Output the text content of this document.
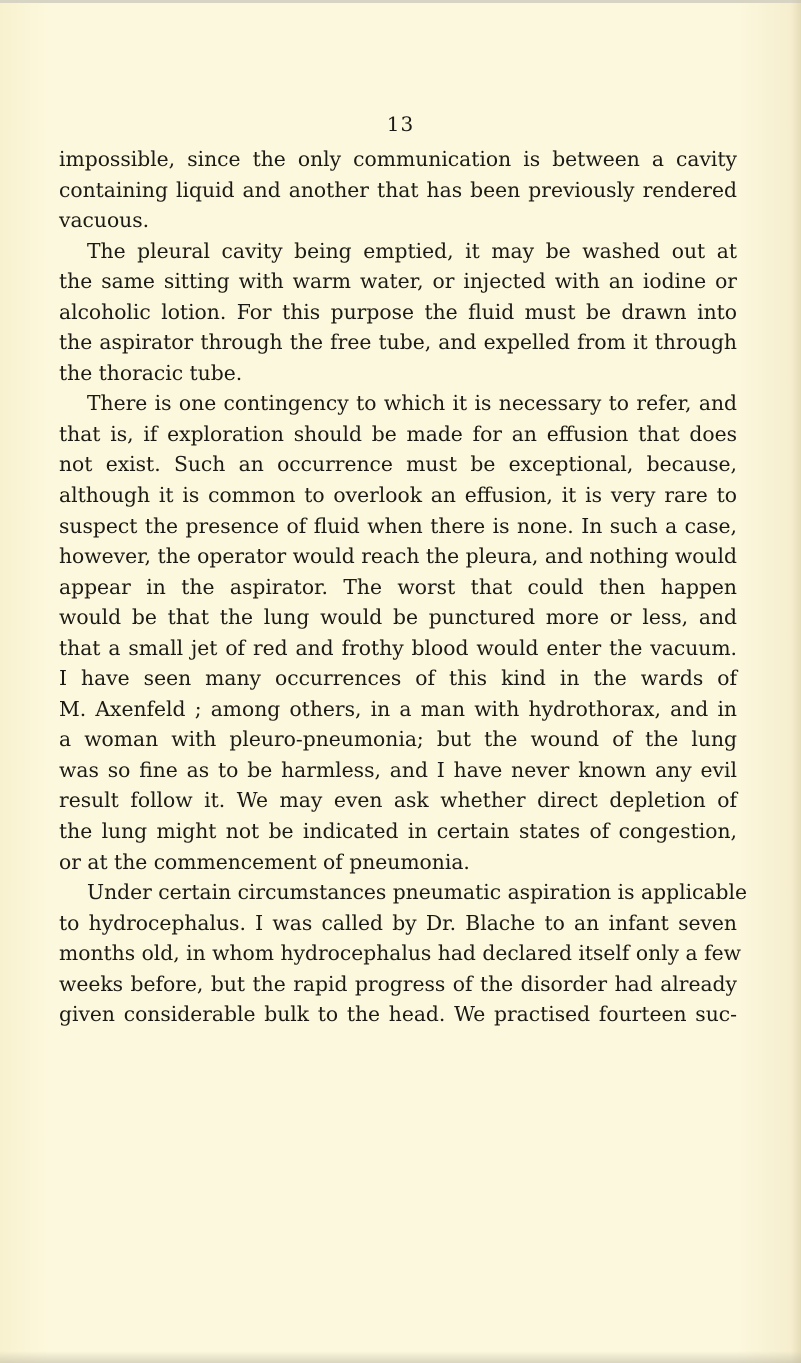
13
impossible, since the only communication is between a cavity
containing liquid and another that has been previously rendered
vacuous.
The pleural cavity being emptied, it may be washed out at
the same sitting with warm water, or injected with an iodine or
alcoholic lotion. For this purpose the fluid must be drawn into
the aspirator through the free tube, and expelled from it through
the thoracic tube.
There is one contingency to which it is necessary to refer, and
that is, if exploration should be made for an effusion that does
not exist. Such an occurrence must be exceptional, because,
although it is common to overlook an effusion, it is very rare to
suspect the presence of fluid when there is none. In such a case,
however, the operator would reach the pleura, and nothing would
appear in the aspirator. The worst that could then happen
would be that the lung would be punctured more or less, and
that a small jet of red and frothy blood would enter the vacuum.
I have seen many occurrences of this kind in the wards of
M. Axenfeld ; among others, in a man with hydrothorax, and in
a woman with pleuro-pneumonia; but the wound of the lung
was so fine as to be harmless, and I have never known any evil
result follow it. We may even ask whether direct depletion of
the lung might not be indicated in certain states of congestion,
or at the commencement of pneumonia.
Under certain circumstances pneumatic aspiration is applicable
to hydrocephalus. I was called by Dr. Blache to an infant seven
months old, in whom hydrocephalus had declared itself only a few
weeks before, but the rapid progress of the disorder had already
given considerable bulk to the head. We practised fourteen suc-
